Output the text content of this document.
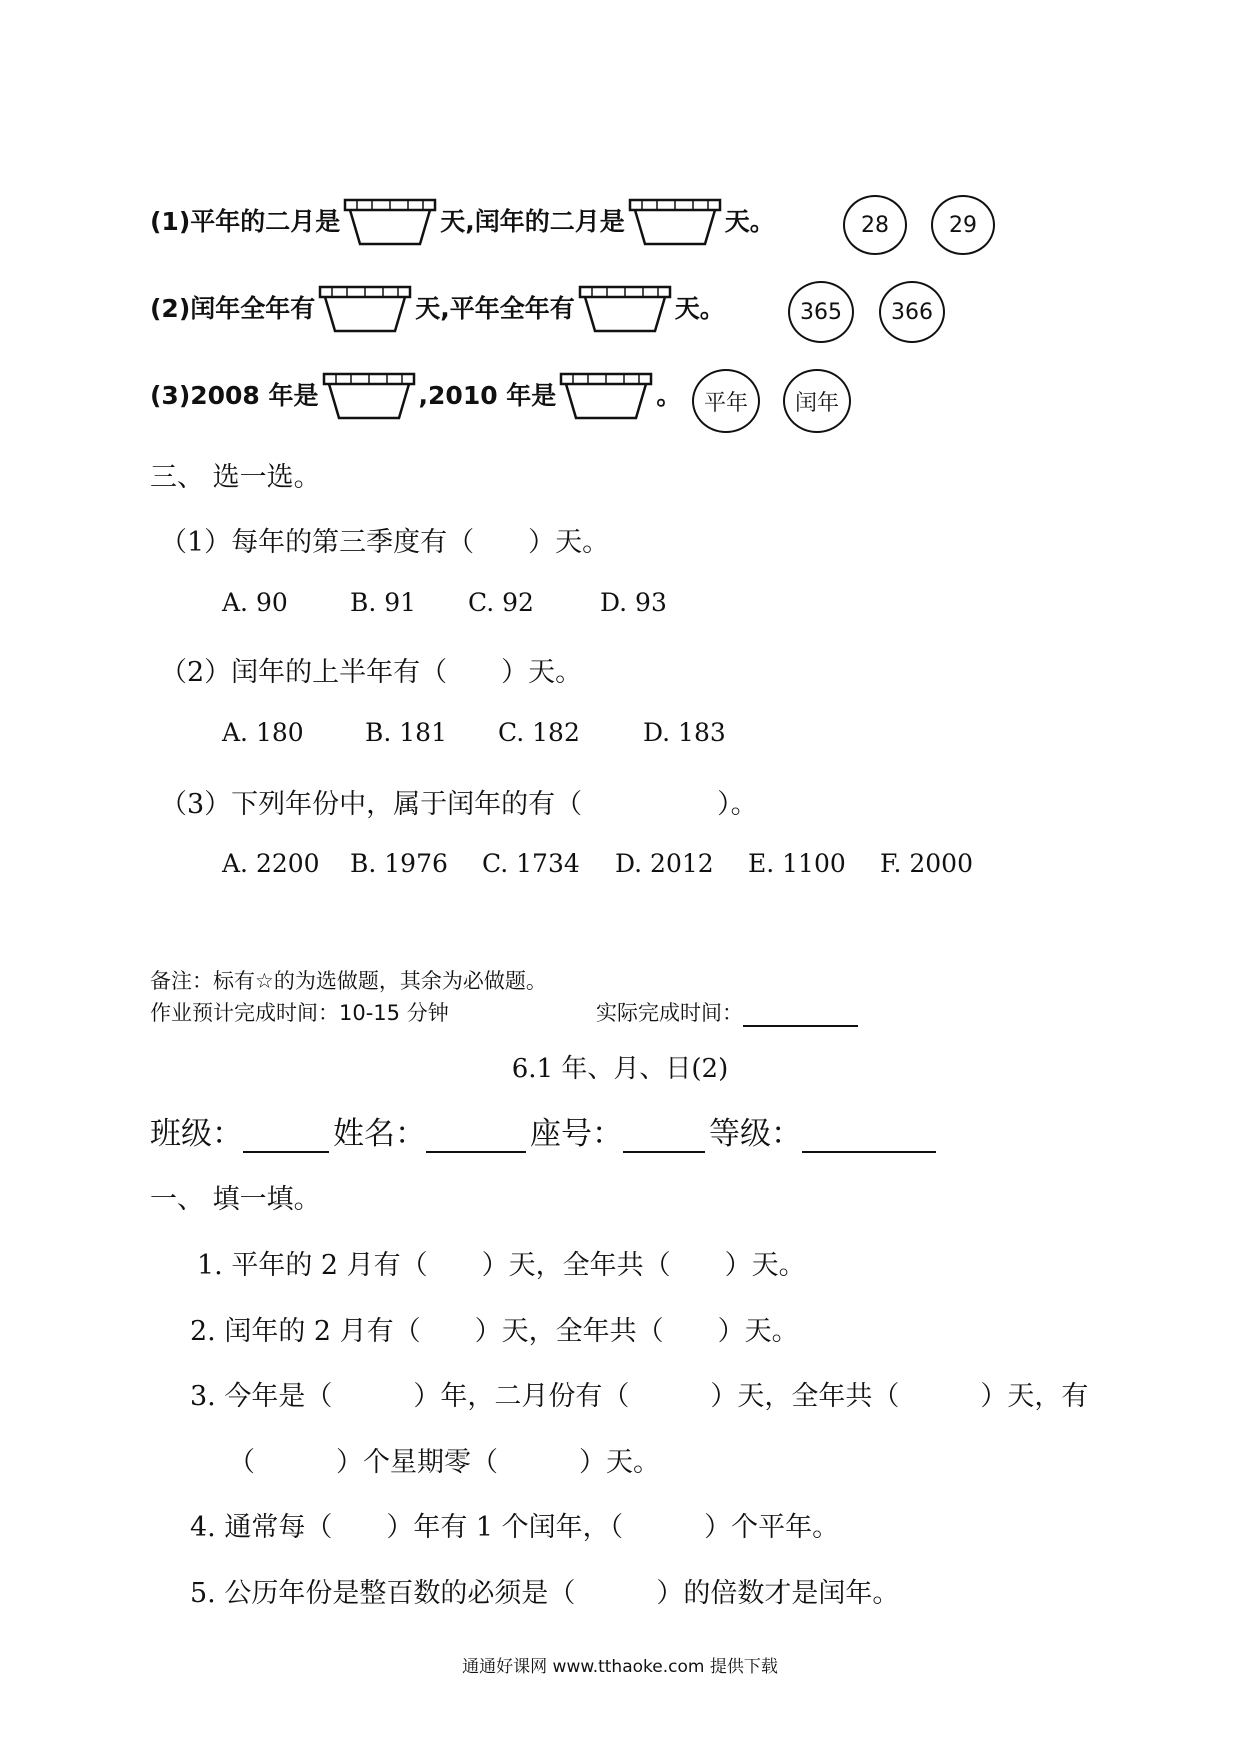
(1)平年的二月是	天,闰年的二月是	天。	28	29
(2)闰年全年有	天,平年全年有	天。	365	366
(3)2008 年是	,2010 年是	。	平年	闰年
三、 选一选。
（1）每年的第三季度有（　　）天。
A. 90 B. 91 C. 92	D. 93
（2）闰年的上半年有（　　）天。
A. 180 B. 181 C. 182	D. 183
（3）下列年份中，属于闰年的有（　　　　　）。
A. 2200 B. 1976 C. 1734 D. 2012 E. 1100 F. 2000
备注：标有☆的为选做题，其余为必做题。
作业预计完成时间：10-15 分钟	实际完成时间：
6.1 年、月、日(2)
班级：	姓名：	座号：	等级：
一、 填一填。
1. 平年的 2 月有（　　）天，全年共（　　）天。
2. 闰年的 2 月有（　　）天，全年共（　　）天。
3. 今年是（　　　）年，二月份有（　　　）天，全年共（　　　）天，有
（　　　）个星期零（　　　）天。
4. 通常每（　　）年有 1 个闰年，（　　　）个平年。
5. 公历年份是整百数的必须是（　　　）的倍数才是闰年。
通通好课网 www.tthaoke.com 提供下载
